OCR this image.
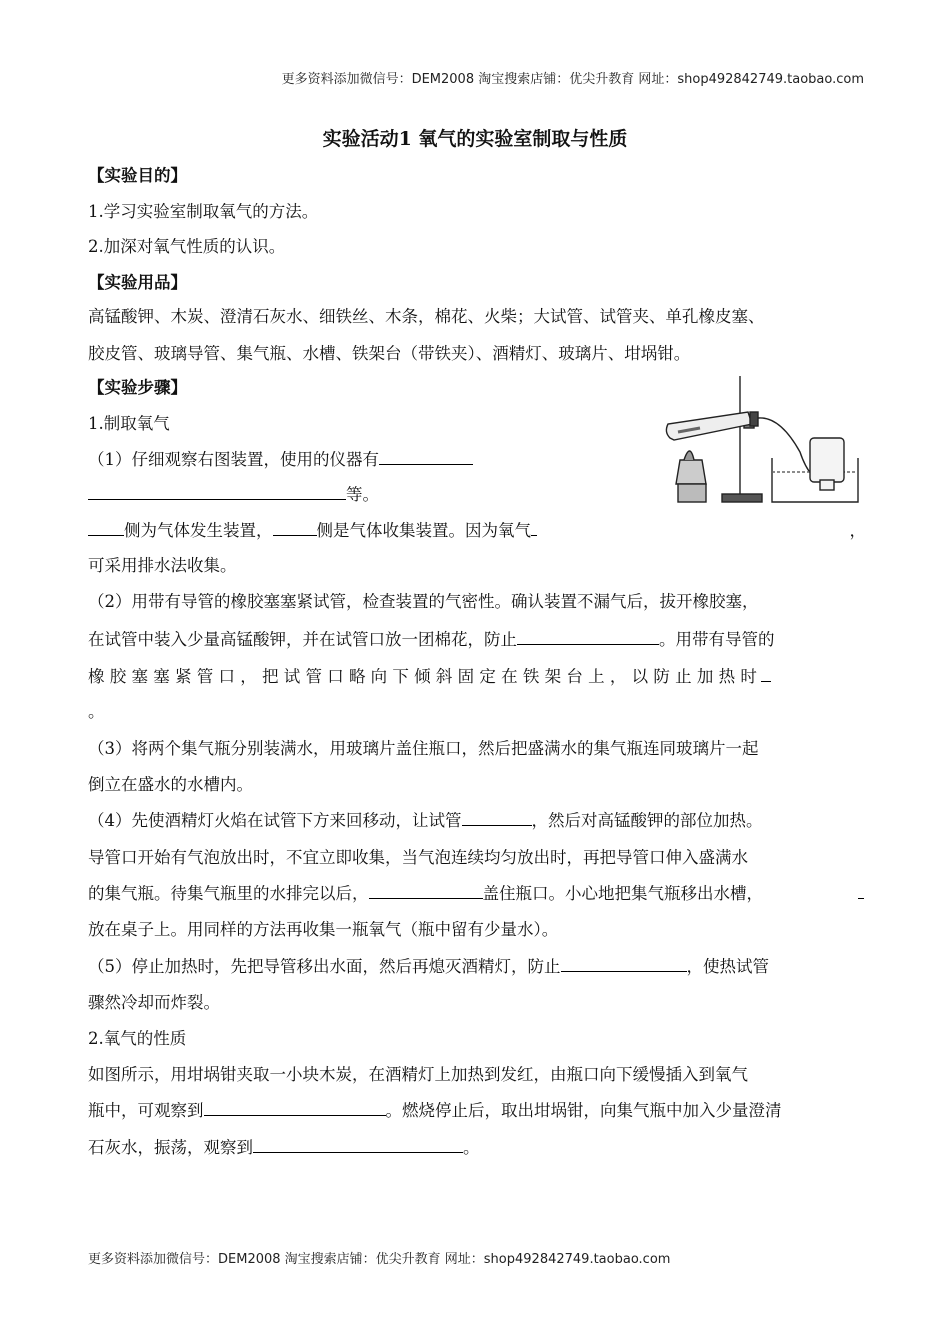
更多资料添加微信号：DEM2008 淘宝搜索店铺：优尖升教育 网址：shop492842749.taobao.com
实验活动1 氧气的实验室制取与性质
【实验目的】
1.学习实验室制取氧气的方法。
2.加深对氧气性质的认识。
【实验用品】
高锰酸钾、木炭、澄清石灰水、细铁丝、木条，棉花、火柴；大试管、试管夹、单孔橡皮塞、
胶皮管、玻璃导管、集气瓶、水槽、铁架台（带铁夹）、酒精灯、玻璃片、坩埚钳。
【实验步骤】
1.制取氧气
（1）仔细观察右图装置，使用的仪器有
等。
侧为气体发生装置，	侧是气体收集装置。因为氧气	，
可采用排水法收集。
（2）用带有导管的橡胶塞塞紧试管，检查装置的气密性。确认装置不漏气后，拔开橡胶塞，
在试管中装入少量高锰酸钾，并在试管口放一团棉花，防止	。用带有导管的
橡 胶 塞 塞 紧 管 口 ， 把 试 管 口 略 向 下 倾 斜 固 定 在 铁 架 台 上 ， 以 防 止 加 热 时
。
（3）将两个集气瓶分别装满水，用玻璃片盖住瓶口，然后把盛满水的集气瓶连同玻璃片一起
倒立在盛水的水槽内。
（4）先使酒精灯火焰在试管下方来回移动，让试管	，然后对高锰酸钾的部位加热。
导管口开始有气泡放出时，不宜立即收集，当气泡连续均匀放出时，再把导管口伸入盛满水
的集气瓶。待集气瓶里的水排完以后，	盖住瓶口。小心地把集气瓶移出水槽，
放在桌子上。用同样的方法再收集一瓶氧气（瓶中留有少量水）。
（5）停止加热时，先把导管移出水面，然后再熄灭酒精灯，防止	，使热试管
骤然冷却而炸裂。
2.氧气的性质
如图所示，用坩埚钳夹取一小块木炭，在酒精灯上加热到发红，由瓶口向下缓慢插入到氧气
瓶中，可观察到	。燃烧停止后，取出坩埚钳，向集气瓶中加入少量澄清
石灰水，振荡，观察到	。
更多资料添加微信号：DEM2008 淘宝搜索店铺：优尖升教育 网址：shop492842749.taobao.com
